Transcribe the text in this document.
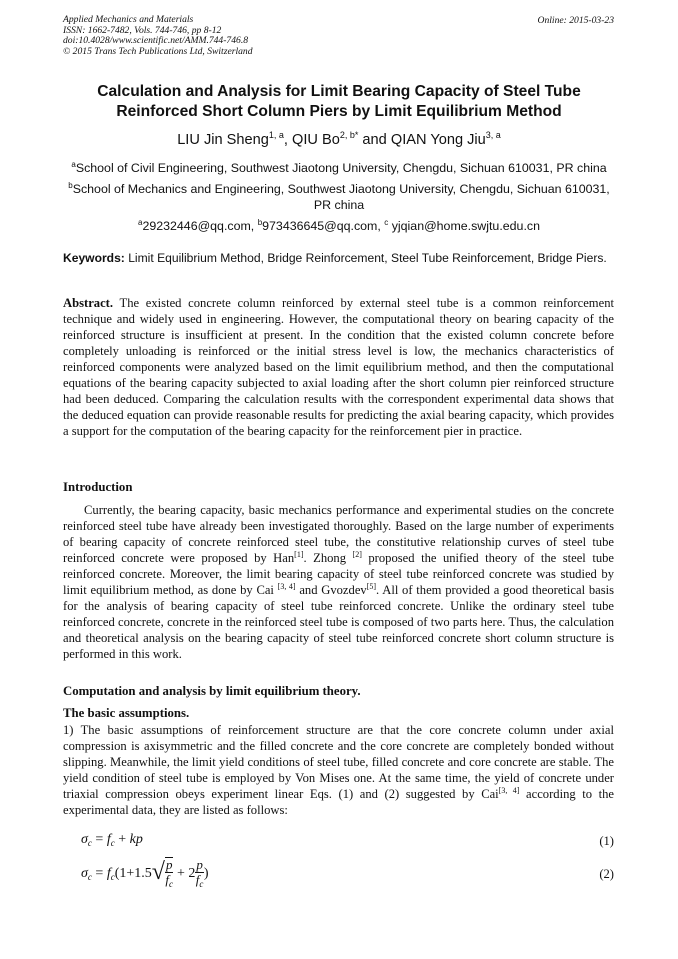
Applied Mechanics and Materials
ISSN: 1662-7482, Vols. 744-746, pp 8-12
doi:10.4028/www.scientific.net/AMM.744-746.8
© 2015 Trans Tech Publications Ltd, Switzerland
Online: 2015-03-23
Calculation and Analysis for Limit Bearing Capacity of Steel Tube
Reinforced Short Column Piers by Limit Equilibrium Method
LIU Jin Sheng$^{1, a}$, QIU $Bo^{2, b*}$ and QIAN Yong Jiu$^{3, a}$
$^a$School of Civil Engineering, Southwest Jiaotong University, Chengdu, Sichuan 610031, PR china
$^b$School of Mechanics and Engineering, Southwest Jiaotong University, Chengdu, Sichuan 610031,
PR china
$^a$29232446@qq.com, $^b$973436645@qq.com, $^c$ yjqian@home.swjtu.edu.cn
Keywords: Limit Equilibrium Method, Bridge Reinforcement, Steel Tube Reinforcement, Bridge Piers.
Abstract. The existed concrete column reinforced by external steel tube is a common reinforcement technique and widely used in engineering. However, the computational theory on bearing capacity of the reinforced structure is insufficient at present. In the condition that the existed column concrete before completely unloading is reinforced or the initial stress level is low, the mechanics characteristics of reinforced components were analyzed based on the limit equilibrium method, and then the computational equations of the bearing capacity subjected to axial loading after the short column pier reinforced structure had been deduced. Comparing the calculation results with the correspondent experimental data shows that the deduced equation can provide reasonable results for predicting the axial bearing capacity, which provides a support for the computation of the bearing capacity for the reinforcement pier in practice.
Introduction
Currently, the bearing capacity, basic mechanics performance and experimental studies on the concrete reinforced steel tube have already been investigated thoroughly. Based on the large number of experiments of bearing capacity of concrete reinforced steel tube, the constitutive relationship curves of steel tube reinforced concrete were proposed by Han[1]. Zhong [2] proposed the unified theory of the steel tube reinforced concrete. Moreover, the limit bearing capacity of steel tube reinforced concrete was studied by limit equilibrium method, as done by Cai [3, 4] and Gvozdev[5]. All of them provided a good theoretical basis for the analysis of bearing capacity of steel tube reinforced concrete. Unlike the ordinary steel tube reinforced concrete, concrete in the reinforced steel tube is composed of two parts here. Thus, the calculation and theoretical analysis on the bearing capacity of steel tube reinforced concrete short column structure is performed in this work.
Computation and analysis by limit equilibrium theory.
The basic assumptions.
1) The basic assumptions of reinforcement structure are that the core concrete column under axial compression is axisymmetric and the filled concrete and the core concrete are completely bonded without slipping. Meanwhile, the limit yield conditions of steel tube, filled concrete and core concrete are stable. The yield condition of steel tube is employed by Von Mises one. At the same time, the yield of concrete under triaxial compression obeys experiment linear Eqs. (1) and (2) suggested by Cai[3, 4] according to the experimental data, they are listed as follows:
$\sigma_c = f_c$ + kp	(1)
$\sigma_c = f_c(1+1.5√ \frac{p}{f_c} + 2 \frac{p}{f_c}$ )	(2)
